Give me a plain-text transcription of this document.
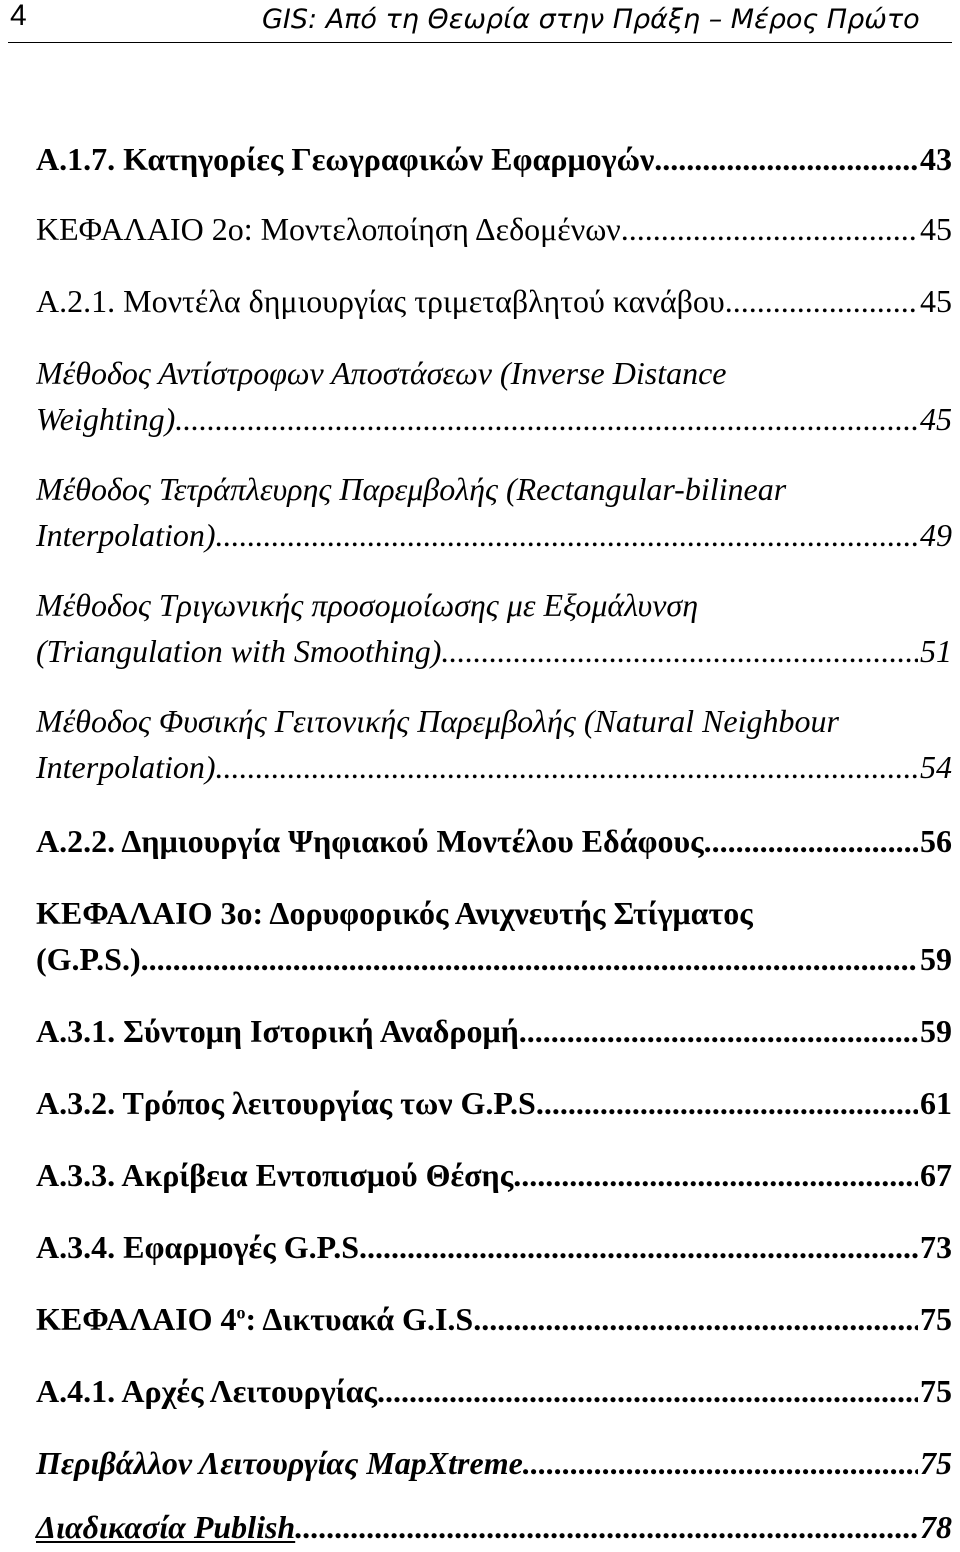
4	GIS: Από τη Θεωρία στην Πράξη – Μέρος Πρώτο
Α.1.7. Κατηγορίες Γεωγραφικών Εφαρμογών .....	43
ΚΕΦΑΛΑΙΟ 2ο: Μοντελοποίηση Δεδομένων .....	45
Α.2.1. Μοντέλα δημιουργίας τριμεταβλητού κανάβου .....	45
Μέθοδος Αντίστροφων Αποστάσεων (Inverse Distance
Weighting) .....	45
Μέθοδος Τετράπλευρης Παρεμβολής (Rectangular-bilinear
Interpolation) .....	49
Μέθοδος Τριγωνικής προσομοίωσης με Εξομάλυνση
(Triangulation with Smoothing) .....	51
Μέθοδος Φυσικής Γειτονικής Παρεμβολής (Natural Neighbour
Interpolation) .....	54
Α.2.2. Δημιουργία Ψηφιακού Μοντέλου Εδάφους .....	56
ΚΕΦΑΛΑΙΟ 3ο: Δορυφορικός Ανιχνευτής Στίγματος
(G.P.S.) .....	59
Α.3.1. Σύντομη Ιστορική Αναδρομή .....	59
Α.3.2. Τρόπος λειτουργίας των G.P.S. .....	61
Α.3.3. Ακρίβεια Εντοπισμού Θέσης .....	67
Α.3.4. Εφαρμογές G.P.S. .....	73
ΚΕΦΑΛΑΙΟ $4^o$: Δικτυακά G.I.S. .....	75
Α.4.1. Αρχές Λειτουργίας .....	75
Περιβάλλον Λειτουργίας MapXtreme .....	75
Διαδικασία Publish .....	78
